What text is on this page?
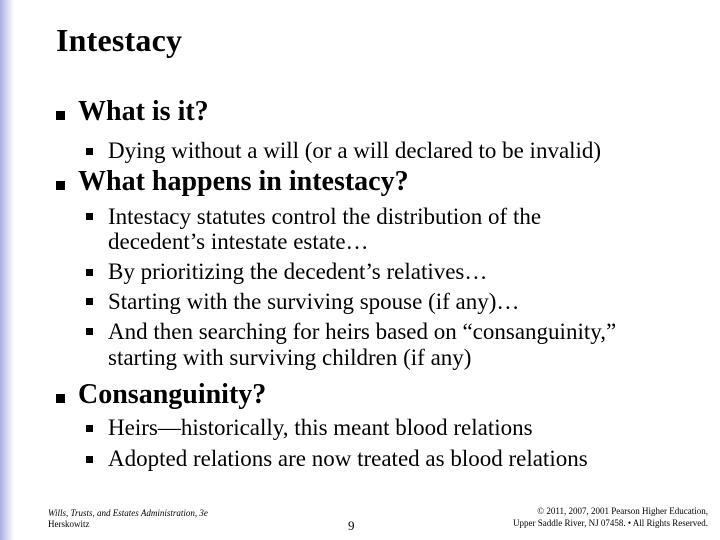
Intestacy
What is it?
Dying without a will (or a will declared to be invalid)
What happens in intestacy?
Intestacy statutes control the distribution of the
decedent’s intestate estate…
By prioritizing the decedent’s relatives…
Starting with the surviving spouse (if any)…
And then searching for heirs based on “consanguinity,”
starting with surviving children (if any)
Consanguinity?
Heirs—historically, this meant blood relations
Adopted relations are now treated as blood relations
Wills, Trusts, and Estates Administration, 3e
Herskowitz	9
© 2011, 2007, 2001 Pearson Higher Education,
Upper Saddle River, NJ 07458. • All Rights Reserved.
